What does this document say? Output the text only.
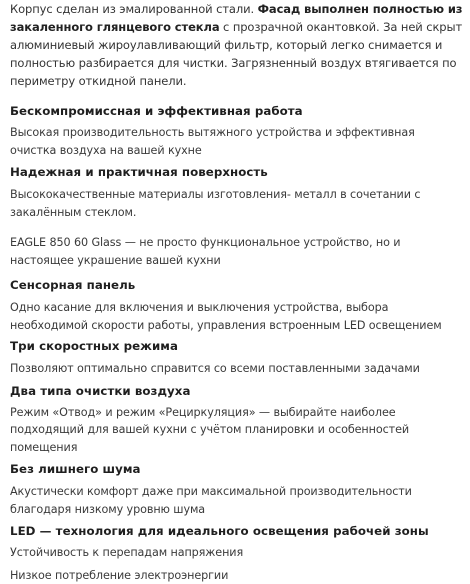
Корпус сделан из эмалированной стали. Фасад выполнен полностью из закаленного глянцевого стекла с прозрачной окантовкой. За ней скрыт алюминиевый жироулавливающий фильтр, который легко снимается и полностью разбирается для чистки. Загрязненный воздух втягивается по периметру откидной панели.

Бескомпромиссная и эффективная работа

Высокая производительность вытяжного устройства и эффективная очистка воздуха на вашей кухне

Надежная и практичная поверхность

Высококачественные материалы изготовления- металл в сочетании с закалённым стеклом.

EAGLE 850 60 Glass — не просто функциональное устройство, но и настоящее украшение вашей кухни

Сенсорная панель

Одно касание для включения и выключения устройства, выбора необходимой скорости работы, управления встроенным LED освещением

Три скоростных режима

Позволяют оптимально справится со всеми поставленными задачами

Два типа очистки воздуха

Режим «Отвод» и режим «Рециркуляция» — выбирайте наиболее подходящий для вашей кухни с учётом планировки и особенностей помещения

Без лишнего шума

Акустически комфорт даже при максимальной производительности благодаря низкому уровню шума

LED — технология для идеального освещения рабочей зоны

Устойчивость к перепадам напряжения

Низкое потребление электроэнергии
